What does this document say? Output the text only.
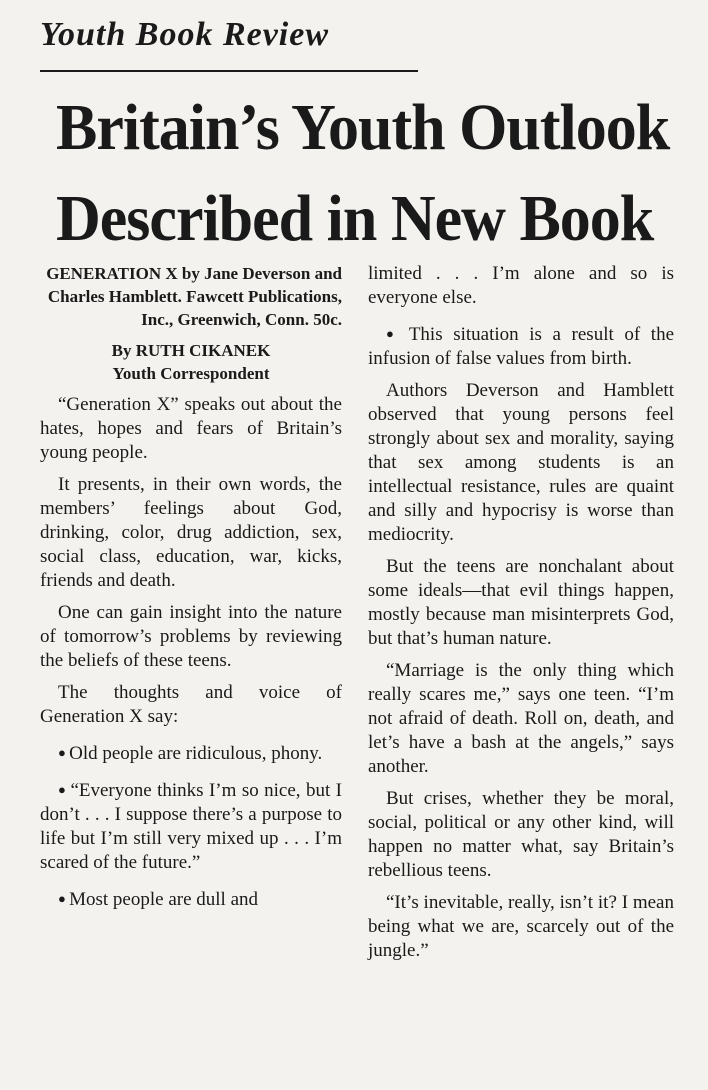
Youth Book Review
Britain’s Youth Outlook Described in New Book
GENERATION X by Jane Deverson and Charles Hamblett. Fawcett Publications, Inc., Greenwich, Conn. 50c.
By RUTH CIKANEK
Youth Correspondent

“Generation X” speaks out about the hates, hopes and fears of Britain’s young people.

It presents, in their own words, the members’ feelings about God, drinking, color, drug addiction, sex, social class, education, war, kicks, friends and death.

One can gain insight into the nature of tomorrow’s problems by reviewing the beliefs of these teens.

The thoughts and voice of Generation X say:

● Old people are ridiculous, phony.

● “Everyone thinks I’m so nice, but I don’t . . . I suppose there’s a purpose to life but I’m still very mixed up . . . I’m scared of the future.”

● Most people are dull and

limited . . . I’m alone and so is everyone else.

● This situation is a result of the infusion of false values from birth.

Authors Deverson and Hamblett observed that young persons feel strongly about sex and morality, saying that sex among students is an intellectual resistance, rules are quaint and silly and hypocrisy is worse than mediocrity.

But the teens are nonchalant about some ideals—that evil things happen, mostly because man misinterprets God, but that’s human nature.

“Marriage is the only thing which really scares me,” says one teen. “I’m not afraid of death. Roll on, death, and let’s have a bash at the angels,” says another.

But crises, whether they be moral, social, political or any other kind, will happen no matter what, say Britain’s rebellious teens.

“It’s inevitable, really, isn’t it? I mean being what we are, scarcely out of the jungle.”
